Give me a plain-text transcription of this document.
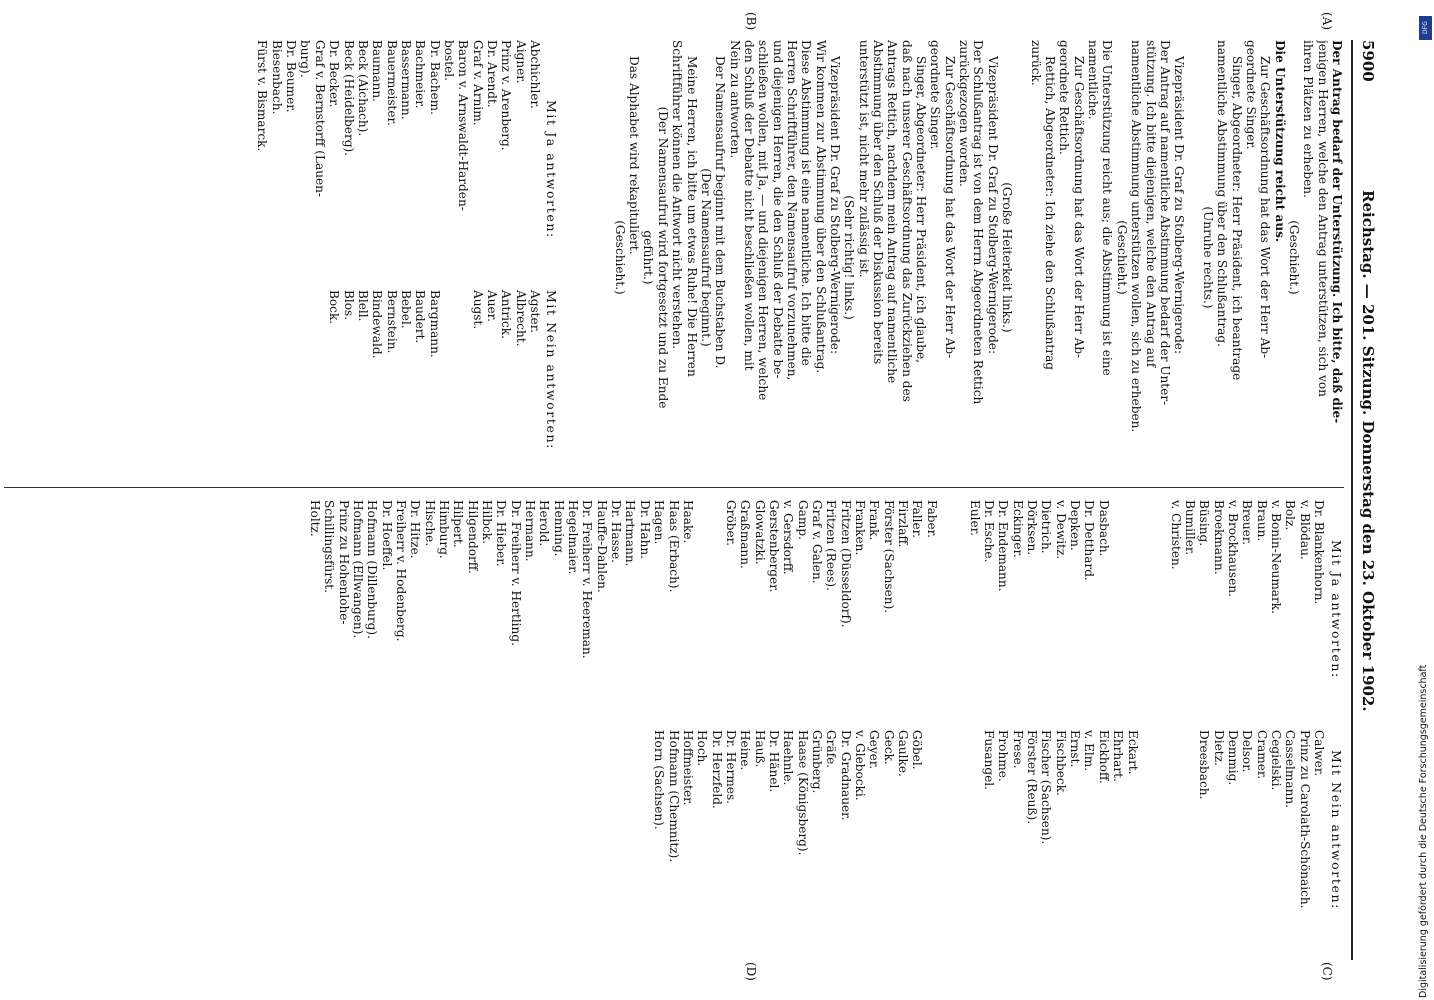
5900
Reichstag. — 201. Sitzung. Donnerstag den 23. Oktober 1902.
(A)
(B)
(C)
(D)

Der Antrag bedarf der Unterstützung. Ich bitte, daß die-

jenigen Herren, welche den Antrag unterstützen, sich von

ihren Plätzen zu erheben.

(Geschieht.)

Die Unterstützung reicht aus.

Zur Geschäftsordnung hat das Wort der Herr Ab-

geordnete Singer.

Singer, Abgeordneter: Herr Präsident, ich beantrage

namentliche Abstimmung über den Schlußantrag.

(Unruhe rechts.)

Vizepräsident Dr. Graf zu Stolberg-Wernigerode:

Der Antrag auf namentliche Abstimmung bedarf der Unter-

stützung. Ich bitte diejenigen, welche den Antrag auf

namentliche Abstimmung unterstützen wollen, sich zu erheben.

(Geschieht.)

Die Unterstützung reicht aus; die Abstimmung ist eine

namentliche.

Zur Geschäftsordnung hat das Wort der Herr Ab-

geordnete Rettich.

Rettich, Abgeordneter: Ich ziehe den Schlußantrag

zurück.

(Große Heiterkeit links.)

Vizepräsident Dr. Graf zu Stolberg-Wernigerode:

Der Schlußantrag ist von dem Herrn Abgeordneten Rettich

zurückgezogen worden.

Zur Geschäftsordnung hat das Wort der Herr Ab-

geordnete Singer.

Singer, Abgeordneter: Herr Präsident, ich glaube,

daß nach unserer Geschäftsordnung das Zurückziehen des

Antrags Rettich, nachdem mein Antrag auf namentliche

Abstimmung über den Schluß der Diskussion bereits

unterstützt ist, nicht mehr zulässig ist.

(Sehr richtig! links.)

Vizepräsident Dr. Graf zu Stolberg-Wernigerode:

Wir kommen zur Abstimmung über den Schlußantrag.

Diese Abstimmung ist eine namentliche. Ich bitte die

Herren Schriftführer, den Namensaufruf vorzunehmen,

und diejenigen Herren, die den Schluß der Debatte be-

schließen wollen, mit Ja, — und diejenigen Herren, welche

den Schluß der Debatte nicht beschließen wollen, mit

Nein zu antworten.

Der Namensaufruf beginnt mit dem Buchstaben D.

(Der Namensaufruf beginnt.)

Meine Herren, ich bitte um etwas Ruhe! Die Herren

Schriftführer können die Antwort nicht verstehen.

(Der Namensaufruf wird fortgesetzt und zu Ende

geführt.)

Das Alphabet wird rekapituliert.

(Geschieht.)

Mit Ja antworten:
Mit Nein antworten:

Abchichler.

Aigner.

Prinz v. Arenberg.

Dr. Arendt.

Graf v. Arnim.

Baron v. Arnswaldt-Harden-

bostel.

Dr. Bachem.

Bachmeier.

Bassermann.

Bauermeister.

Baumann.

Beck (Aichach).

Beck (Heidelberg).

Dr. Becker.

Graf v. Bernstorff (Lauen-

burg).

Dr. Beumer.

Biesenbach.

Fürst v. Bismarck.

Agster.

Albrecht.

Antrick.

Auer.

Augst.

Bargmann.

Baudert.

Bebel.

Bernstein.

Bindewald.

Blell.

Blos.

Bock.

Mit Ja antworten:
Mit Nein antworten:

Dr. Blankenhorn.

v. Blödau.

Bolz.

v. Bonin-Neumark.

Braun.

Breuer.

v. Brockhausen.

Broekmann.

Büsing.

Bumiller.

v. Christen.

Dasbach.

Dr. Detthard.

Depken.

v. Dewitz.

Dietrich.

Dörksen.

Eckinger.

Dr. Endemann.

Dr. Esche.

Euler.

Faber.

Faller.

Firzlaff.

Förster (Sachsen).

Frank.

Franken.

Fritzen (Düsseldorf).

Fritzen (Rees).

Graf v. Galen.

Gamp.

v. Gersdorff.

Gerstenberger.

Glowatzki.

Graßmann.

Gröber.

Haake.

Haas (Erbach).

Hagen.

Dr. Hahn.

Hartmann.

Dr. Hasse.

Hauffe-Dahlen.

Dr. Freiherr v. Heereman.

Hegelmaier.

Henning.

Herold.

Hermann.

Dr. Freiherr v. Hertling.

Dr. Hieber.

Hilbck.

Hilgendorff.

Hilpert.

Himburg.

Hische.

Dr. Hitze.

Freiherr v. Hodenberg.

Dr. Hoeffel.

Hofmann (Dillenburg).

Hofmann (Ellwangen).

Prinz zu Hohenlohe-

Schillingsfürst.

Holtz.

Calwer.

Prinz zu Carolath-Schönaich.

Casselmann.

Cegielski.

Cramer.

Delsor.

Demmig.

Dietz.

Dreesbach.

Eckart.

Ehrhart.

Eickhoff.

v. Elm.

Ernst.

Fischbeck.

Fischer (Sachsen).

Förster (Reuß).

Frese.

Frohme.

Fusangel.

Göbel.

Gaulke.

Geck.

Geyer.

v. Glebocki.

Dr. Gradnauer.

Gräfe.

Grünberg.

Haase (Königsberg).

Haehnle.

Dr. Hänel.

Hauß.

Heine.

Dr. Hermes.

Dr. Herzfeld.

Hoch.

Hoffmeister.

Hofmann (Chemnitz).

Horn (Sachsen).	Digitalisierung gefördert durch die Deutsche Forschungsgemeinschaft
DFG
